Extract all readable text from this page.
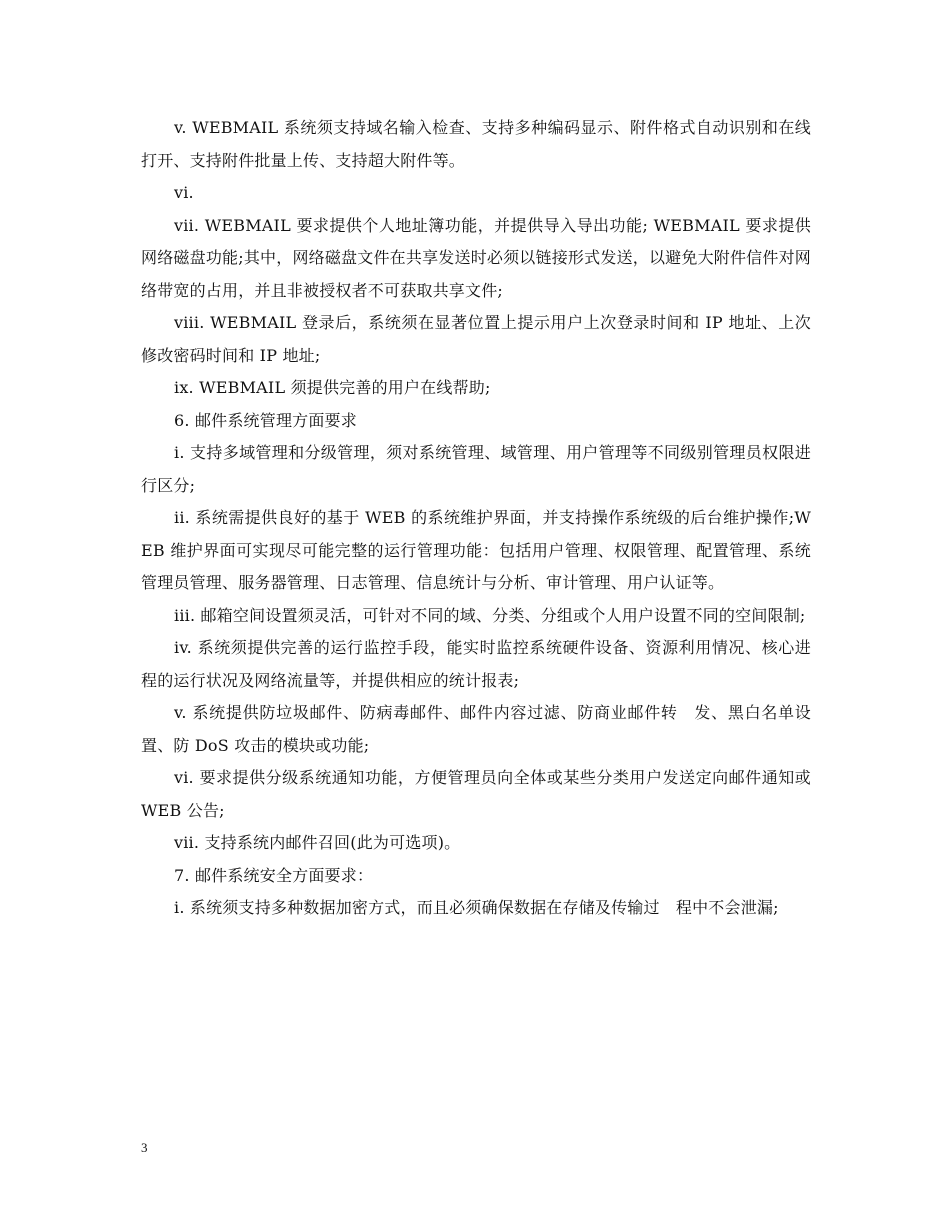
v. WEBMAIL 系统须支持域名输入检查、支持多种编码显示、附件格式自动识别和在线打开、支持附件批量上传、支持超大附件等。

vi.

vii. WEBMAIL 要求提供个人地址簿功能，并提供导入导出功能; WEBMAIL 要求提供网络磁盘功能;其中，网络磁盘文件在共享发送时必须以链接形式发送，以避免大附件信件对网络带宽的占用，并且非被授权者不可获取共享文件;

viii. WEBMAIL 登录后，系统须在显著位置上提示用户上次登录时间和 IP 地址、上次修改密码时间和 IP 地址;

ix. WEBMAIL 须提供完善的用户在线帮助;

6. 邮件系统管理方面要求

i. 支持多域管理和分级管理，须对系统管理、域管理、用户管理等不同级别管理员权限进行区分;

ii. 系统需提供良好的基于 WEB 的系统维护界面，并支持操作系统级的后台维护操作;WEB 维护界面可实现尽可能完整的运行管理功能：包括用户管理、权限管理、配置管理、系统管理员管理、服务器管理、日志管理、信息统计与分析、审计管理、用户认证等。

iii. 邮箱空间设置须灵活，可针对不同的域、分类、分组或个人用户设置不同的空间限制;

iv. 系统须提供完善的运行监控手段，能实时监控系统硬件设备、资源利用情况、核心进程的运行状况及网络流量等，并提供相应的统计报表;

v. 系统提供防垃圾邮件、防病毒邮件、邮件内容过滤、防商业邮件转　发、黑白名单设置、防 DoS 攻击的模块或功能;

vi. 要求提供分级系统通知功能，方便管理员向全体或某些分类用户发送定向邮件通知或 WEB 公告;

vii. 支持系统内邮件召回(此为可选项)。

7. 邮件系统安全方面要求：

i. 系统须支持多种数据加密方式，而且必须确保数据在存储及传输过　程中不会泄漏;

3
